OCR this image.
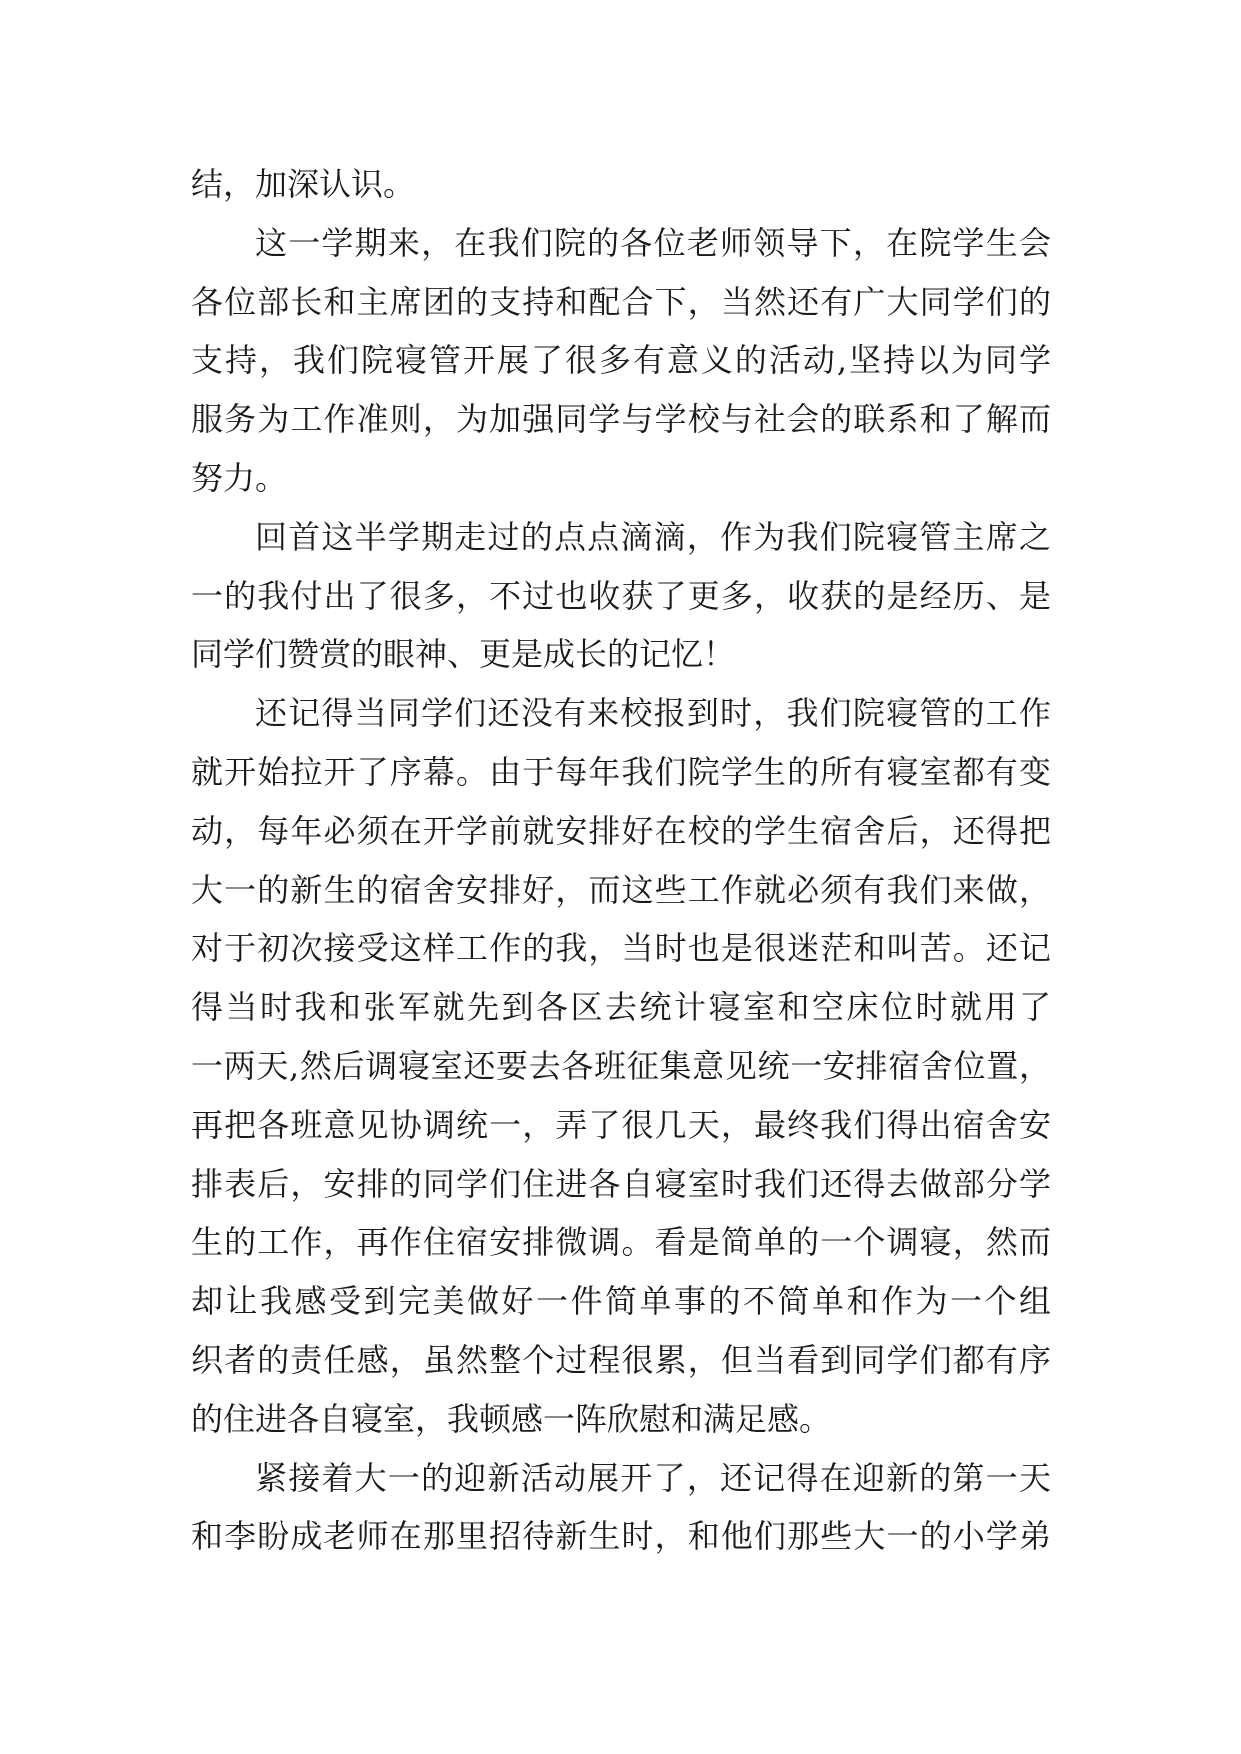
结，加深认识。
这一学期来，在我们院的各位老师领导下，在院学生会
各位部长和主席团的支持和配合下，当然还有广大同学们的
支持，我们院寝管开展了很多有意义的活动,坚持以为同学
服务为工作准则，为加强同学与学校与社会的联系和了解而
努力。
回首这半学期走过的点点滴滴，作为我们院寝管主席之
一的我付出了很多，不过也收获了更多，收获的是经历、是
同学们赞赏的眼神、更是成长的记忆！
还记得当同学们还没有来校报到时，我们院寝管的工作
就开始拉开了序幕。由于每年我们院学生的所有寝室都有变
动，每年必须在开学前就安排好在校的学生宿舍后，还得把
大一的新生的宿舍安排好，而这些工作就必须有我们来做，
对于初次接受这样工作的我，当时也是很迷茫和叫苦。还记
得当时我和张军就先到各区去统计寝室和空床位时就用了
一两天,然后调寝室还要去各班征集意见统一安排宿舍位置，
再把各班意见协调统一，弄了很几天，最终我们得出宿舍安
排表后，安排的同学们住进各自寝室时我们还得去做部分学
生的工作，再作住宿安排微调。看是简单的一个调寝，然而
却让我感受到完美做好一件简单事的不简单和作为一个组
织者的责任感，虽然整个过程很累，但当看到同学们都有序
的住进各自寝室，我顿感一阵欣慰和满足感。
紧接着大一的迎新活动展开了，还记得在迎新的第一天
和李盼成老师在那里招待新生时，和他们那些大一的小学弟
